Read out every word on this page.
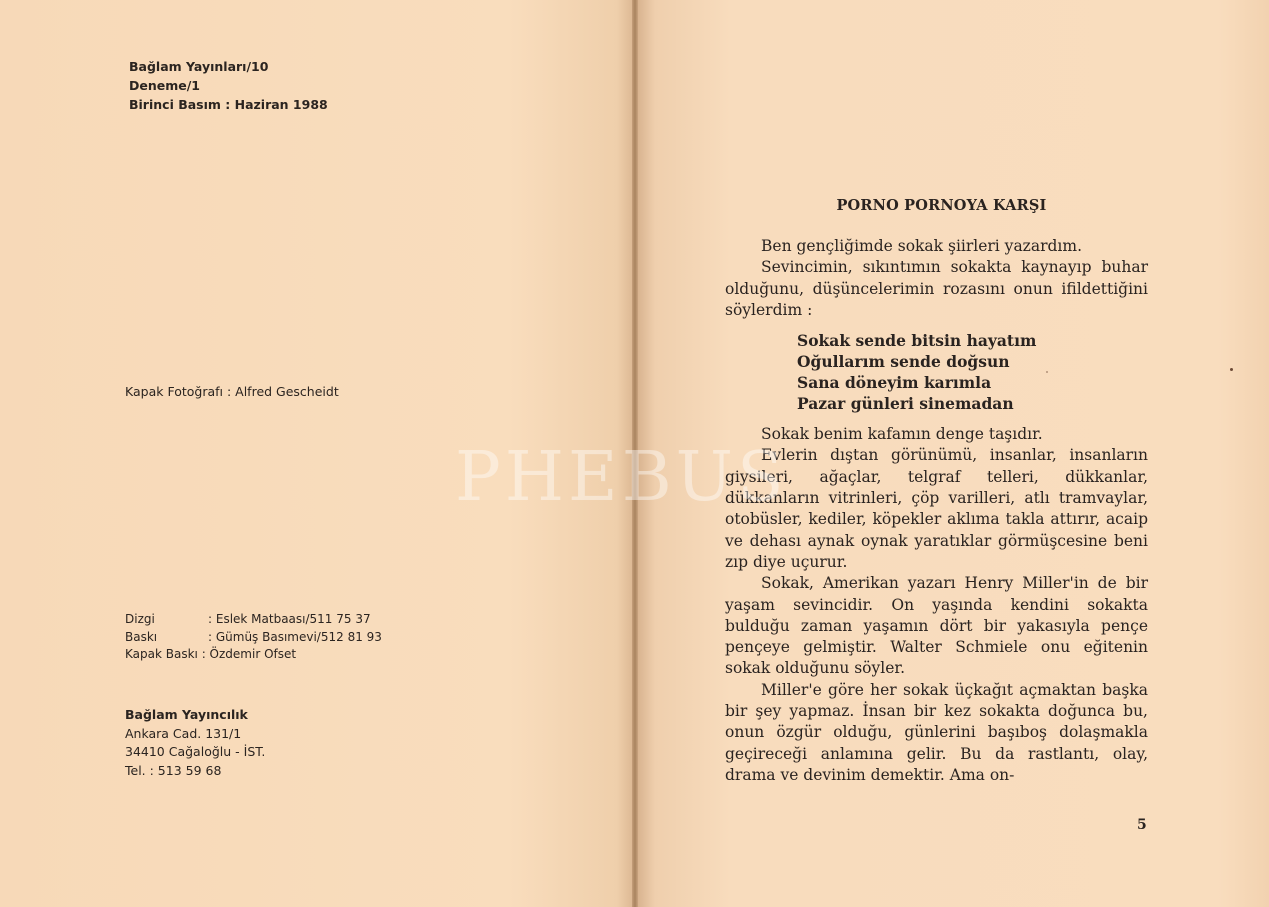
Bağlam Yayınları/10
Deneme/1
Birinci Basım : Haziran 1988
Kapak Fotoğrafı : Alfred Gescheidt
Dizgi	: Eslek Matbaası/511 75 37
Baskı	: Gümüş Basımevi/512 81 93
Kapak Baskı : Özdemir Ofset
Bağlam Yayıncılık
Ankara Cad. 131/1
34410 Cağaloğlu - İST.
Tel. : 513 59 68
PORNO PORNOYA KARŞI

Ben gençliğimde sokak şiirleri yazardım.

Sevincimin, sıkıntımın sokakta kaynayıp buhar olduğunu, düşüncelerimin rozasını onun ifildettiğini söylerdim :

Sokak sende bitsin hayatım
Oğullarım sende doğsun
Sana döneyim karımla
Pazar günleri sinemadan

Sokak benim kafamın denge taşıdır.

Evlerin dıştan görünümü, insanlar, insanların giysileri, ağaçlar, telgraf telleri, dükkanlar, dükkanların vitrinleri, çöp varilleri, atlı tramvaylar, otobüsler, kediler, köpekler aklıma takla attırır, acaip ve dehası aynak oynak yaratıklar görmüşcesine beni zıp diye uçurur.

Sokak, Amerikan yazarı Henry Miller'in de bir yaşam sevincidir. On yaşında kendini sokakta bulduğu zaman yaşamın dört bir yakasıyla pençe pençeye gelmiştir. Walter Schmiele onu eğitenin sokak olduğunu söyler.

Miller'e göre her sokak üçkağıt açmaktan başka bir şey yapmaz. İnsan bir kez sokakta doğunca bu, onun özgür olduğu, günlerini başıboş dolaşmakla geçireceği anlamına gelir. Bu da rastlantı, olay, drama ve devinim demektir. Ama on-

5
PHEBUS
